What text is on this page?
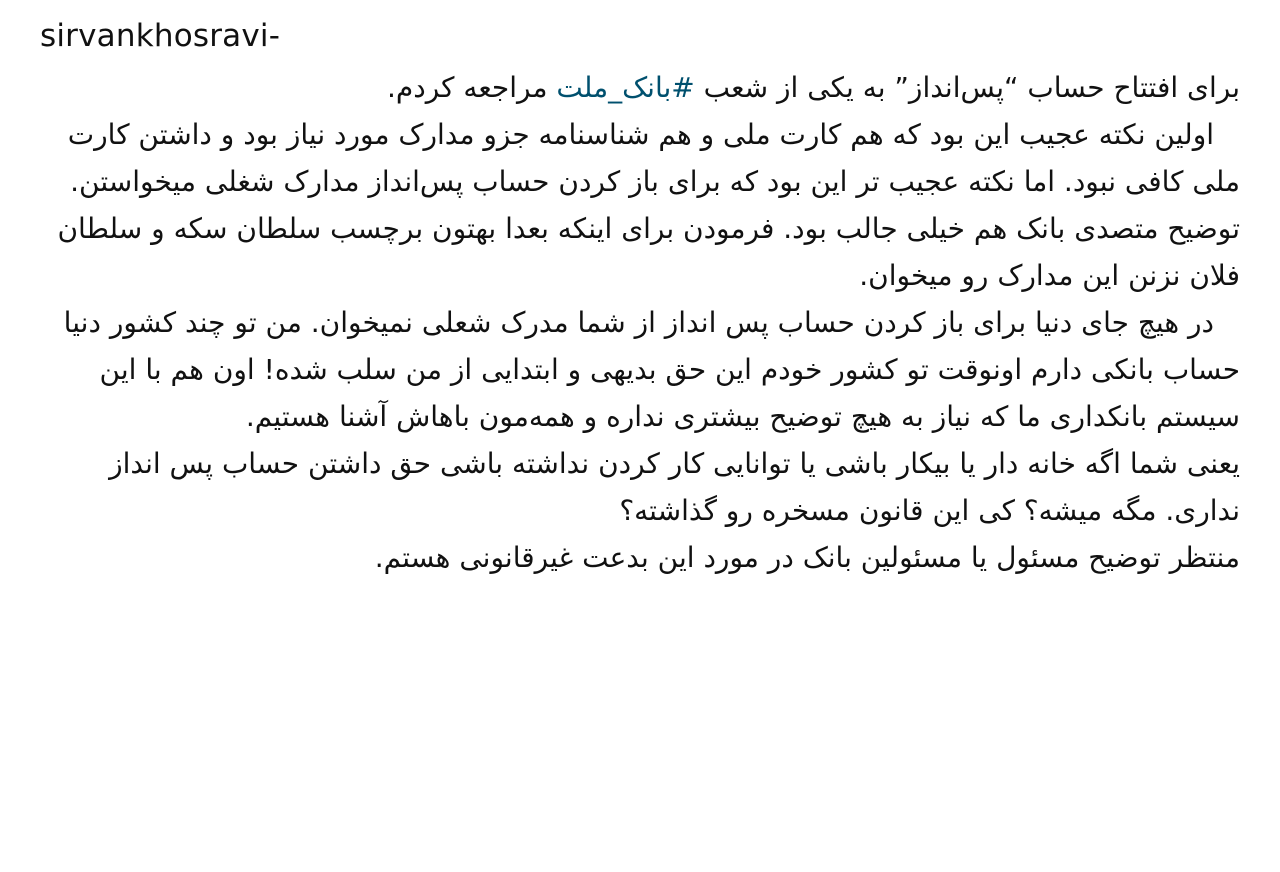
sirvankhosravi-

برای افتتاح حساب “پس‌انداز” به یکی از شعب #بانک_ملت مراجعه کردم.

اولین نکته عجیب این بود که هم کارت ملی و هم شناسنامه جزو مدارک مورد نیاز بود و داشتن کارت ملی کافی نبود. اما نکته عجیب تر این بود که برای باز کردن حساب پس‌انداز مدارک شغلی میخواستن. توضیح متصدی بانک هم خیلی جالب بود. فرمودن برای اینکه بعدا بهتون برچسب سلطان سکه و سلطان فلان نزنن این مدارک رو میخوان.

در هیچ جای دنیا برای باز کردن حساب پس انداز از شما مدرک شعلی نمیخوان. من تو چند کشور دنیا حساب بانکی دارم اونوقت تو کشور خودم این حق بدیهی و ابتدایی از من سلب شده! اون هم با این سیستم بانکداری ما که نیاز به هیچ توضیح بیشتری نداره و همه‌مون باهاش آشنا هستیم.

یعنی شما اگه خانه دار یا بیکار باشی یا توانایی کار کردن نداشته باشی حق داشتن حساب پس انداز نداری. مگه میشه؟ کی این قانون مسخره رو گذاشته؟

منتظر توضیح مسئول یا مسئولین بانک در مورد این بدعت غیرقانونی هستم.
